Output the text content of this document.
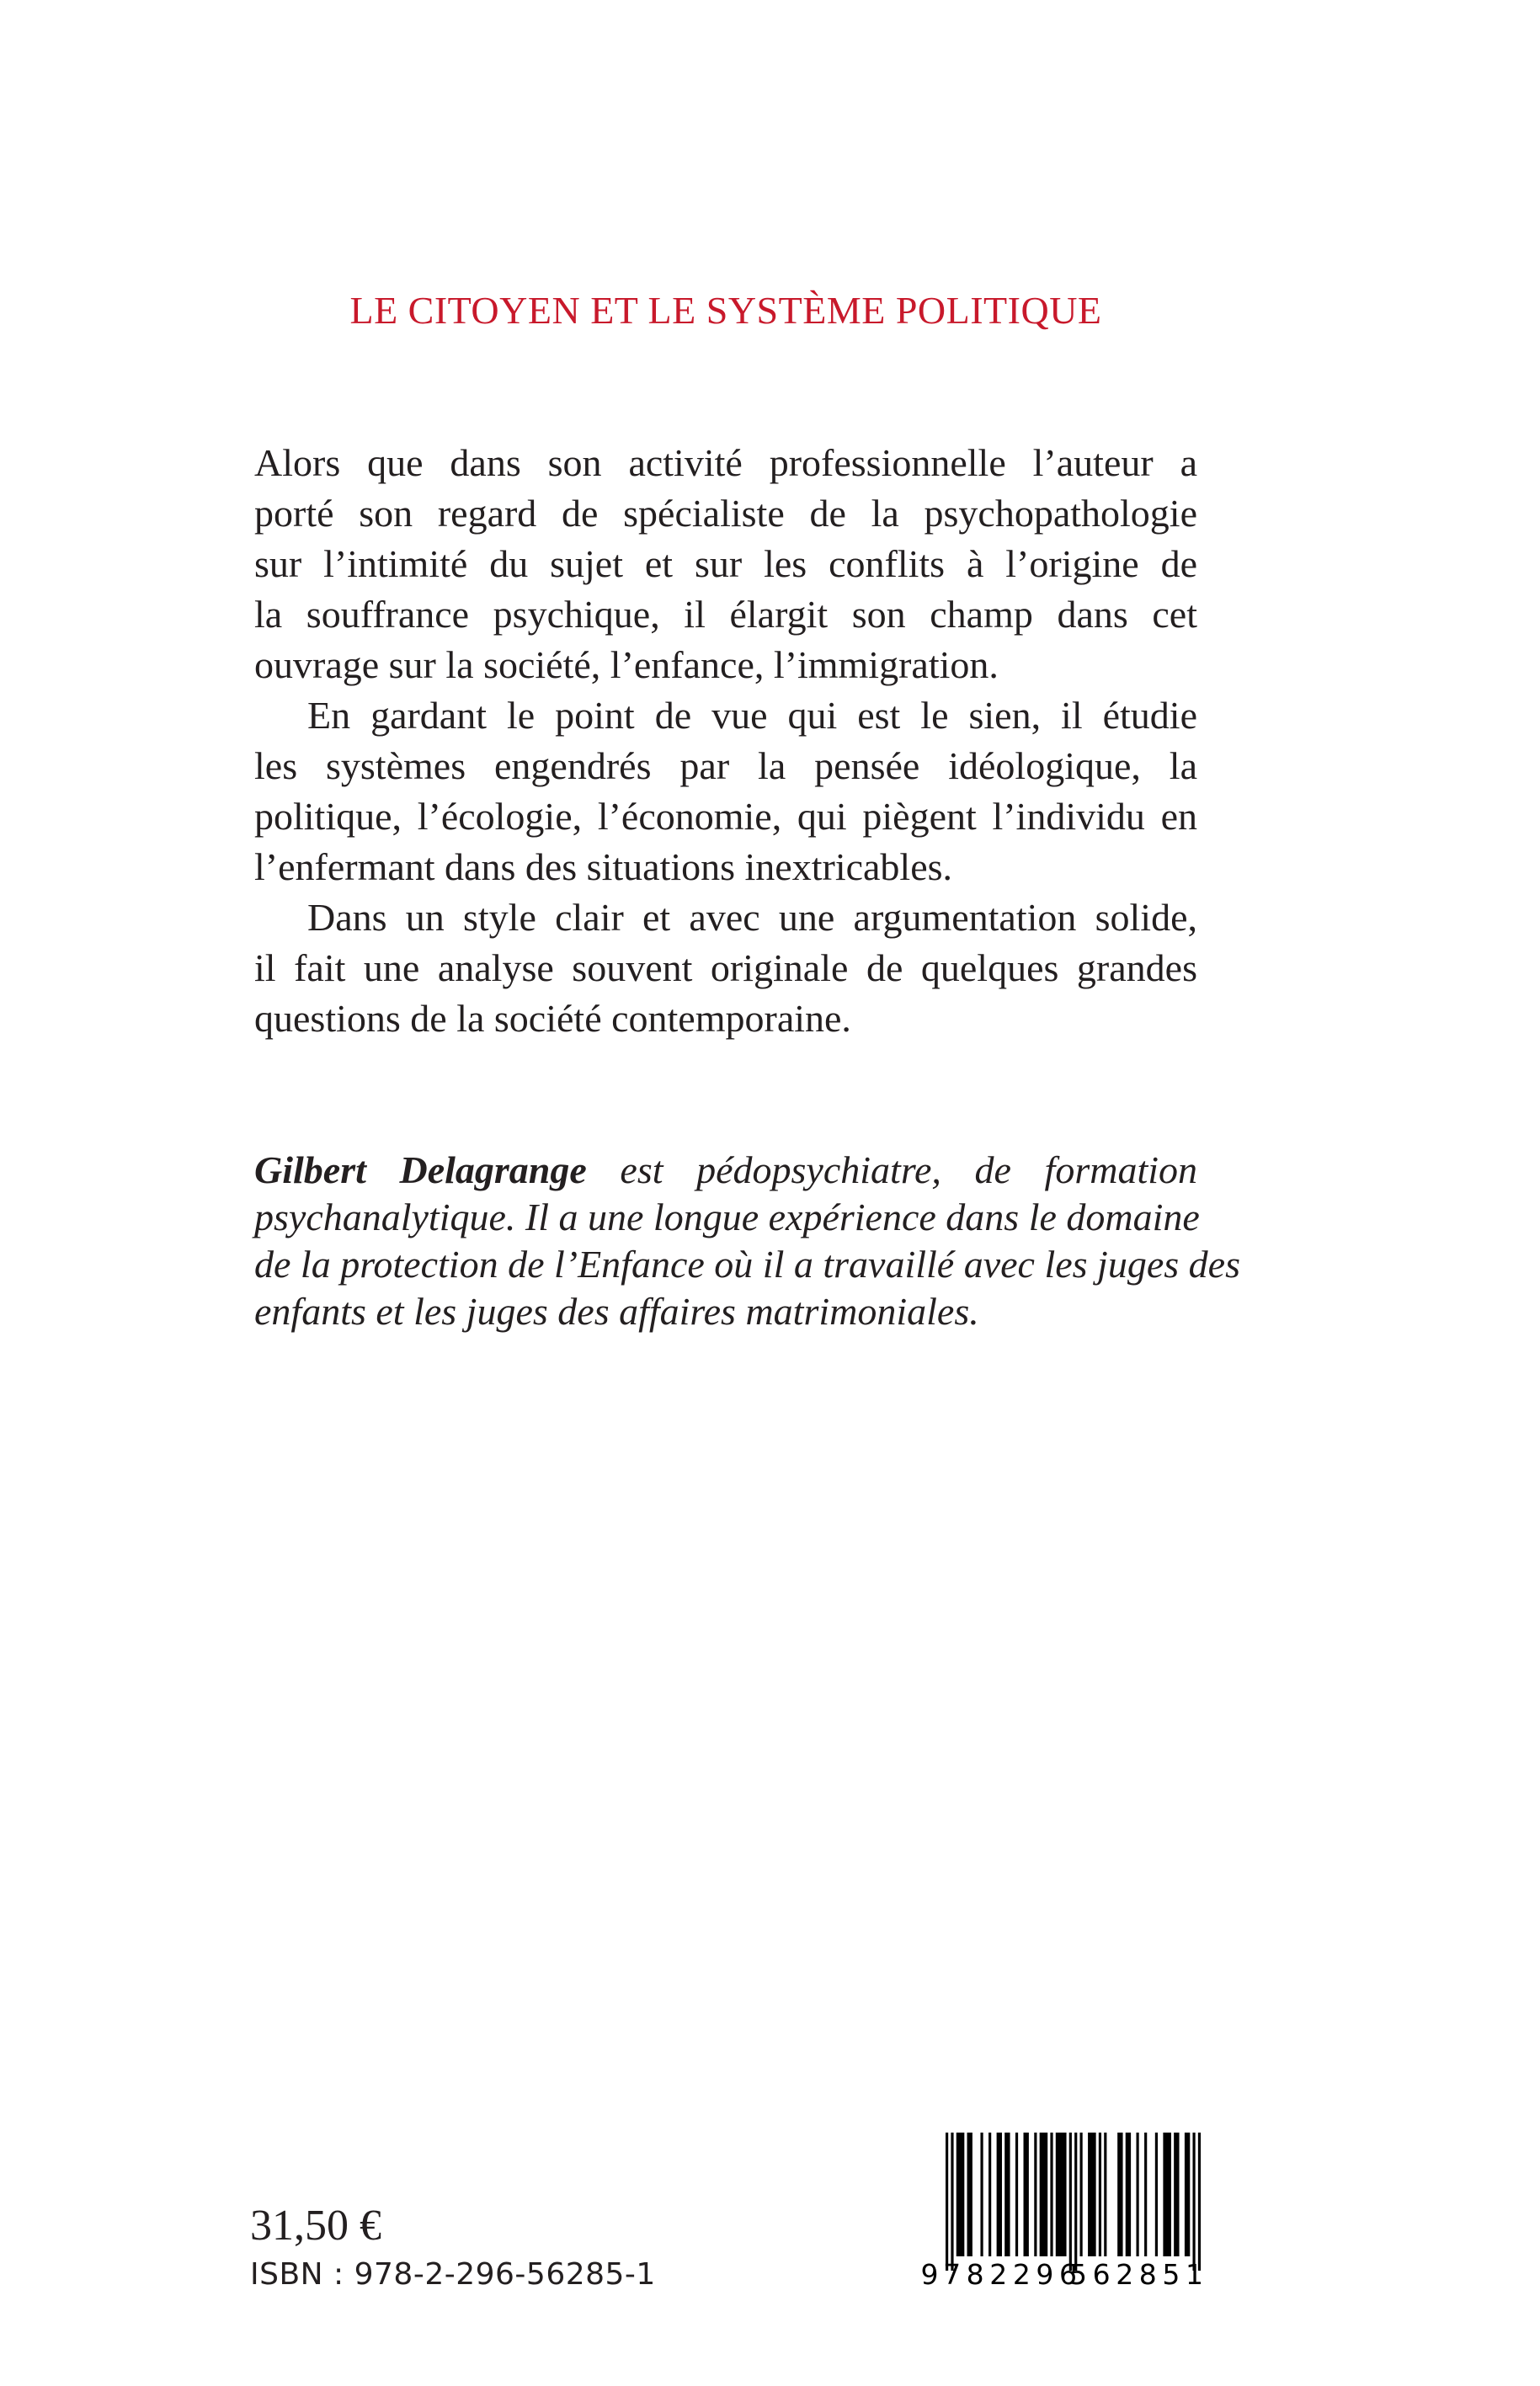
LE CITOYEN ET LE SYSTÈME POLITIQUE
Alors que dans son activité professionnelle l’auteur a
porté son regard de spécialiste de la psychopathologie
sur l’intimité du sujet et sur les conflits à l’origine de
la souffrance psychique, il élargit son champ dans cet
ouvrage sur la société, l’enfance, l’immigration.
En gardant le point de vue qui est le sien, il étudie
les systèmes engendrés par la pensée idéologique, la
politique, l’écologie, l’économie, qui piègent l’individu en
l’enfermant dans des situations inextricables.
Dans un style clair et avec une argumentation solide,
il fait une analyse souvent originale de quelques grandes
questions de la société contemporaine.
Gilbert Delagrange est pédopsychiatre, de formation
psychanalytique. Il a une longue expérience dans le domaine
de la protection de l’Enfance où il a travaillé avec les juges des
enfants et les juges des affaires matrimoniales.
31,50 €
ISBN : 978-2-296-56285-1	9 7 8 2 2 9 6
5 6 2 8 5 1
